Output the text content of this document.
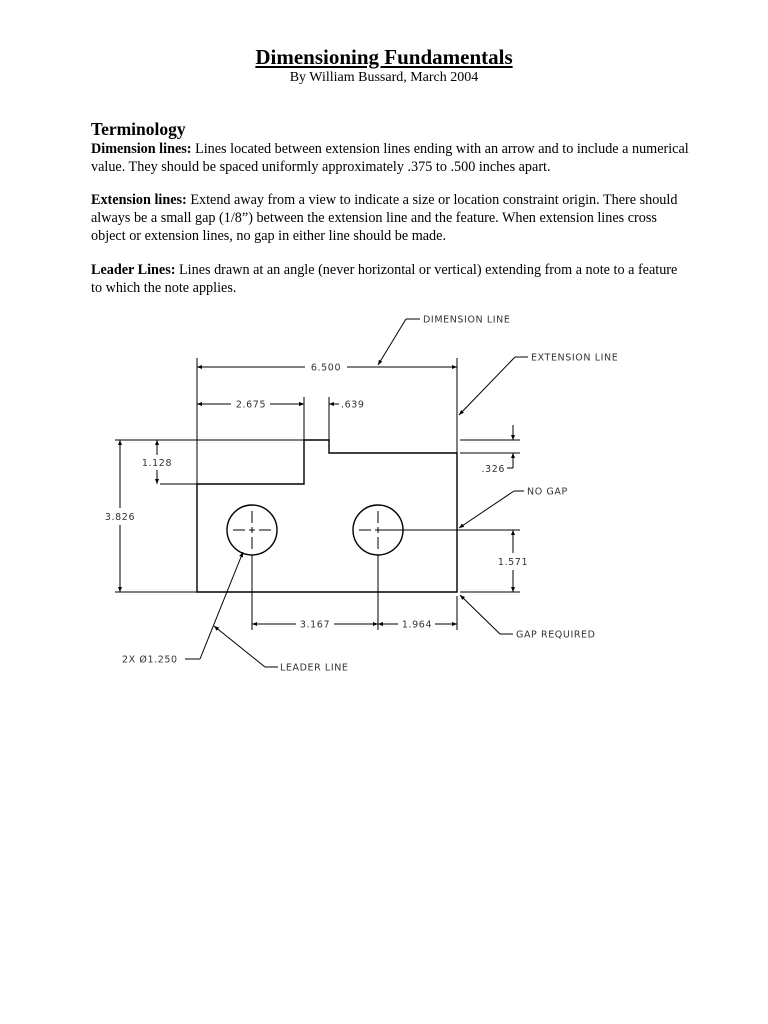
Dimensioning Fundamentals
By William Bussard, March 2004
Terminology
Dimension lines: Lines located between extension lines ending with an arrow and to include a numerical value. They should be spaced uniformly approximately .375 to .500 inches apart.
Extension lines: Extend away from a view to indicate a size or location constraint origin. There should always be a small gap (1/8”) between the extension line and the feature. When extension lines cross object or extension lines, no gap in either line should be made.
Leader Lines: Lines drawn at an angle (never horizontal or vertical) extending from a note to a feature to which the note applies.
6.500
2.675	.639
1.128
3.826
.326
1.571
3.167	1.964
DIMENSION LINE
EXTENSION LINE
NO GAP
GAP REQUIRED
2X Ø1.250
LEADER LINE
